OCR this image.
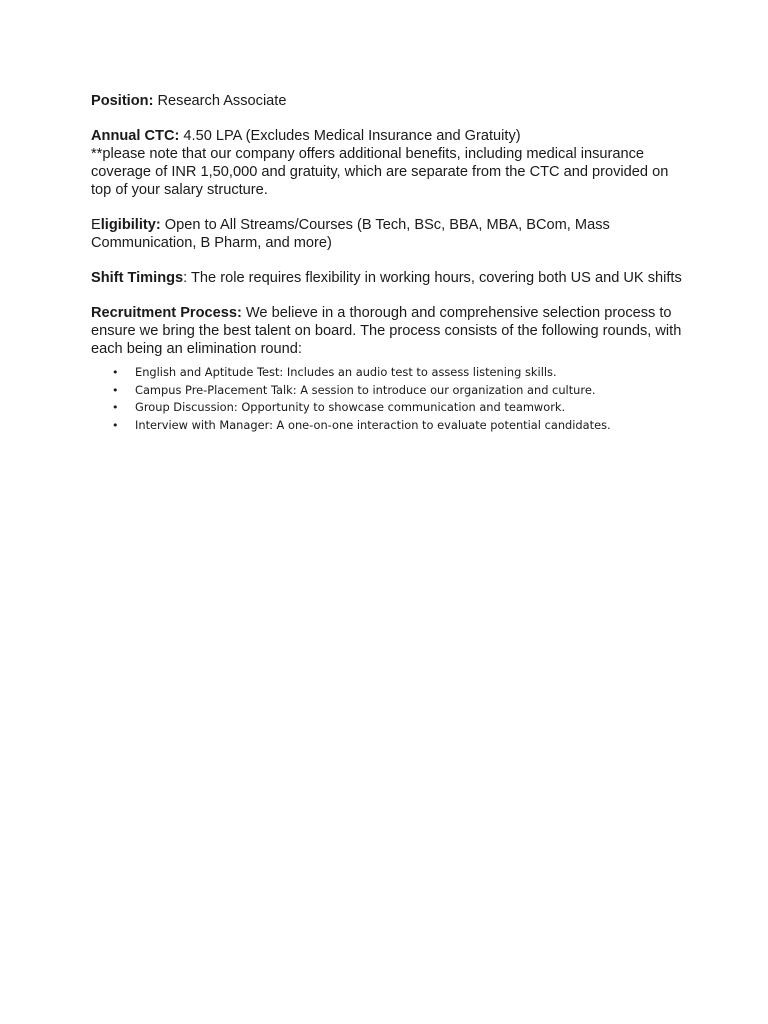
Position: Research Associate

Annual CTC: 4.50 LPA (Excludes Medical Insurance and Gratuity)
**please note that our company offers additional benefits, including medical insurance coverage of INR 1,50,000 and gratuity, which are separate from the CTC and provided on top of your salary structure.

Eligibility: Open to All Streams/Courses (B Tech, BSc, BBA, MBA, BCom, Mass Communication, B Pharm, and more)

Shift Timings: The role requires flexibility in working hours, covering both US and UK shifts

Recruitment Process: We believe in a thorough and comprehensive selection process to ensure we bring the best talent on board. The process consists of the following rounds, with each being an elimination round:

• English and Aptitude Test: Includes an audio test to assess listening skills.
• Campus Pre-Placement Talk: A session to introduce our organization and culture.
• Group Discussion: Opportunity to showcase communication and teamwork.
• Interview with Manager: A one-on-one interaction to evaluate potential candidates.
